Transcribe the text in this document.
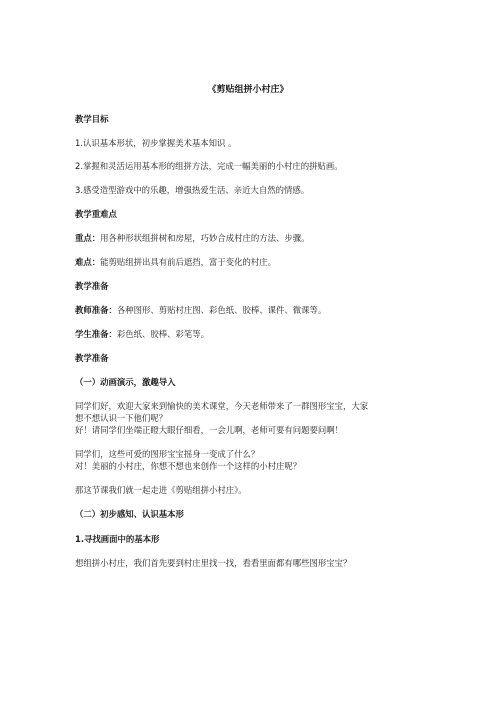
《剪贴组拼小村庄》
教学目标
1.认识基本形状，初步掌握美术基本知识 。
2.掌握和灵活运用基本形的组拼方法，完成一幅美丽的小村庄的拼贴画。
3.感受造型游戏中的乐趣，增强热爱生活、亲近大自然的情感。
教学重难点
重点：用各种形状组拼树和房屋，巧妙合成村庄的方法、步骤。
难点：能剪贴组拼出具有前后遮挡，富于变化的村庄。
教学准备
教师准备：各种图形、剪贴村庄图、彩色纸、胶棒、课件、微课等。
学生准备：彩色纸、胶棒、彩笔等。
教学准备
（一）动画演示，激趣导入
同学们好，欢迎大家来到愉快的美术课堂，今天老师带来了一群图形宝宝，大家
想不想认识一下他们呢？
好！请同学们坐端正瞪大眼仔细看，一会儿啊，老师可要有问题要问啊！
同学们，这些可爱的图形宝宝摇身一变成了什么？
对！美丽的小村庄，你想不想也来创作一个这样的小村庄呢？
那这节课我们就一起走进《剪贴组拼小村庄》。
（二）初步感知、认识基本形
1.寻找画面中的基本形
想组拼小村庄，我们首先要到村庄里找一找，看看里面都有哪些图形宝宝？
